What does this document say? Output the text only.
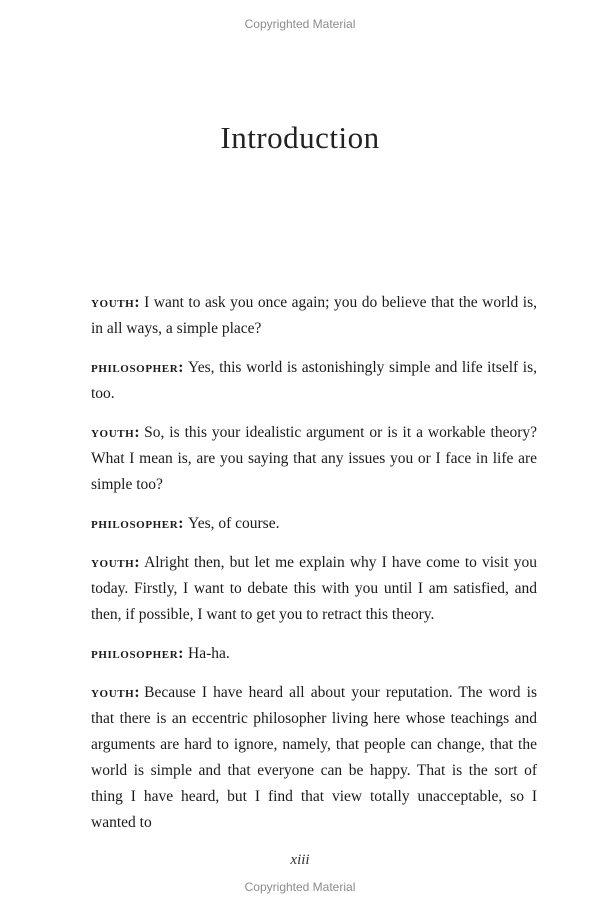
Copyrighted Material
Introduction

youth: I want to ask you once again; you do believe that the world is, in all ways, a simple place?

philosopher: Yes, this world is astonishingly simple and life itself is, too.

youth: So, is this your idealistic argument or is it a workable theory? What I mean is, are you saying that any issues you or I face in life are simple too?

philosopher: Yes, of course.

youth: Alright then, but let me explain why I have come to visit you today. Firstly, I want to debate this with you until I am satisfied, and then, if possible, I want to get you to retract this theory.

philosopher: Ha-ha.

youth: Because I have heard all about your reputation. The word is that there is an eccentric philosopher living here whose teachings and arguments are hard to ignore, namely, that people can change, that the world is simple and that everyone can be happy. That is the sort of thing I have heard, but I find that view totally unacceptable, so I wanted to

xiii
Copyrighted Material
